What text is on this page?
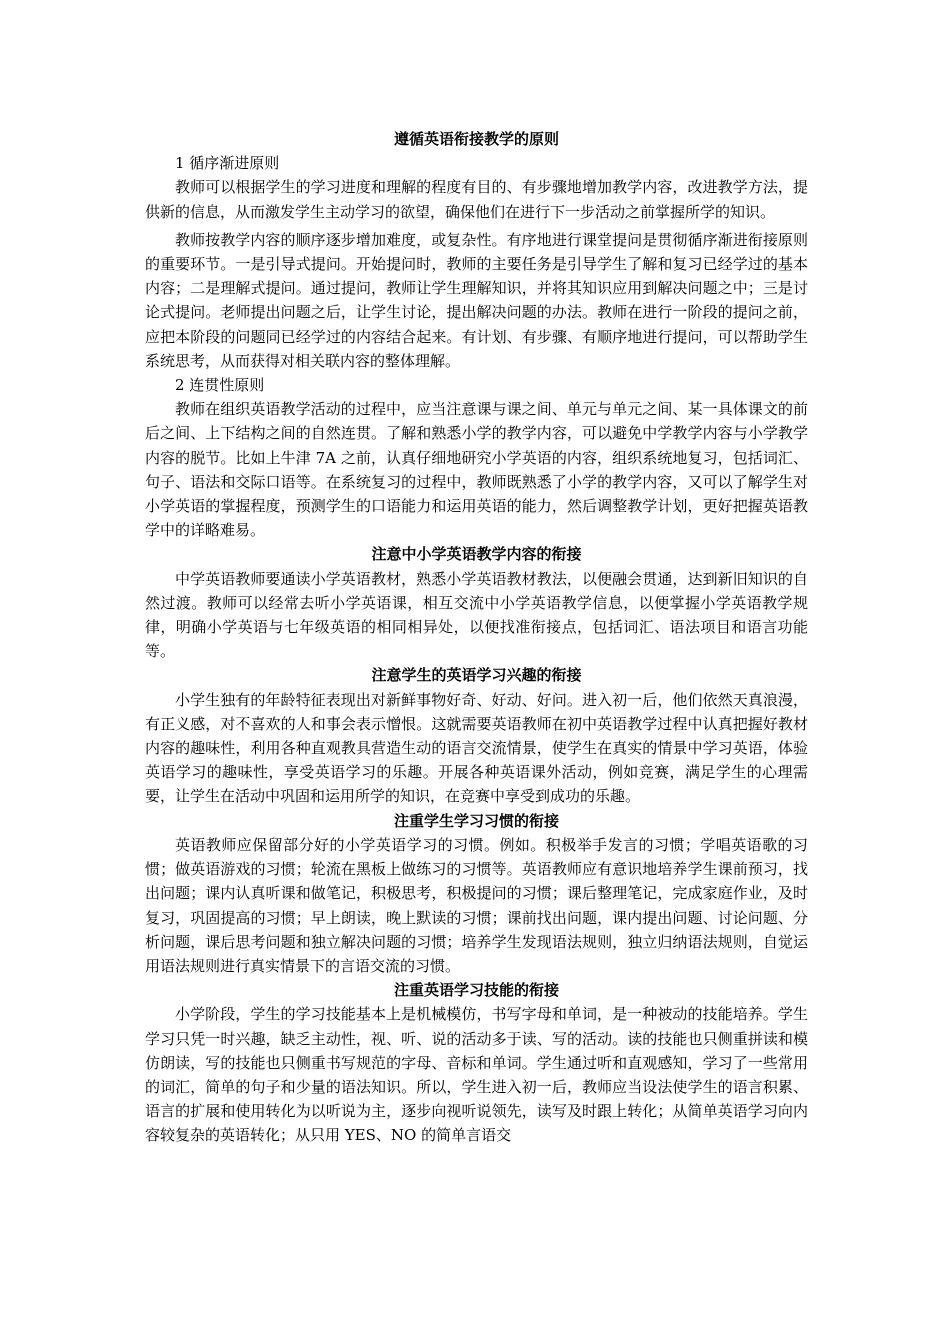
遵循英语衔接教学的原则

1 循序渐进原则

教师可以根据学生的学习进度和理解的程度有目的、有步骤地增加教学内容，改进教学方法，提供新的信息，从而激发学生主动学习的欲望，确保他们在进行下一步活动之前掌握所学的知识。

教师按教学内容的顺序逐步增加难度，或复杂性。有序地进行课堂提问是贯彻循序渐进衔接原则的重要环节。一是引导式提问。开始提问时，教师的主要任务是引导学生了解和复习已经学过的基本内容；二是理解式提问。通过提问，教师让学生理解知识，并将其知识应用到解决问题之中；三是讨论式提问。老师提出问题之后，让学生讨论，提出解决问题的办法。教师在进行一阶段的提问之前，应把本阶段的问题同已经学过的内容结合起来。有计划、有步骤、有顺序地进行提问，可以帮助学生系统思考，从而获得对相关联内容的整体理解。

2 连贯性原则

教师在组织英语教学活动的过程中，应当注意课与课之间、单元与单元之间、某一具体课文的前后之间、上下结构之间的自然连贯。了解和熟悉小学的教学内容，可以避免中学教学内容与小学教学内容的脱节。比如上牛津 7A 之前，认真仔细地研究小学英语的内容，组织系统地复习，包括词汇、句子、语法和交际口语等。在系统复习的过程中，教师既熟悉了小学的教学内容，又可以了解学生对小学英语的掌握程度，预测学生的口语能力和运用英语的能力，然后调整教学计划，更好把握英语教学中的详略难易。

注意中小学英语教学内容的衔接

中学英语教师要通读小学英语教材，熟悉小学英语教材教法，以便融会贯通，达到新旧知识的自然过渡。教师可以经常去听小学英语课，相互交流中小学英语教学信息，以便掌握小学英语教学规律，明确小学英语与七年级英语的相同相异处，以便找准衔接点，包括词汇、语法项目和语言功能等。

注意学生的英语学习兴趣的衔接

小学生独有的年龄特征表现出对新鲜事物好奇、好动、好问。进入初一后，他们依然天真浪漫，有正义感，对不喜欢的人和事会表示憎恨。这就需要英语教师在初中英语教学过程中认真把握好教材内容的趣味性，利用各种直观教具营造生动的语言交流情景，使学生在真实的情景中学习英语，体验英语学习的趣味性，享受英语学习的乐趣。开展各种英语课外活动，例如竞赛，满足学生的心理需要，让学生在活动中巩固和运用所学的知识，在竞赛中享受到成功的乐趣。

注重学生学习习惯的衔接

英语教师应保留部分好的小学英语学习的习惯。例如。积极举手发言的习惯；学唱英语歌的习惯；做英语游戏的习惯；轮流在黑板上做练习的习惯等。英语教师应有意识地培养学生课前预习，找出问题；课内认真听课和做笔记，积极思考，积极提问的习惯；课后整理笔记，完成家庭作业，及时复习，巩固提高的习惯；早上朗读，晚上默读的习惯；课前找出问题，课内提出问题、讨论问题、分析问题，课后思考问题和独立解决问题的习惯；培养学生发现语法规则，独立归纳语法规则，自觉运用语法规则进行真实情景下的言语交流的习惯。

注重英语学习技能的衔接

小学阶段，学生的学习技能基本上是机械模仿，书写字母和单词，是一种被动的技能培养。学生学习只凭一时兴趣，缺乏主动性，视、听、说的活动多于读、写的活动。读的技能也只侧重拼读和模仿朗读，写的技能也只侧重书写规范的字母、音标和单词。学生通过听和直观感知，学习了一些常用的词汇，简单的句子和少量的语法知识。所以，学生进入初一后，教师应当设法使学生的语言积累、语言的扩展和使用转化为以听说为主，逐步向视听说领先，读写及时跟上转化；从简单英语学习向内容较复杂的英语转化；从只用 YES、NO 的简单言语交
